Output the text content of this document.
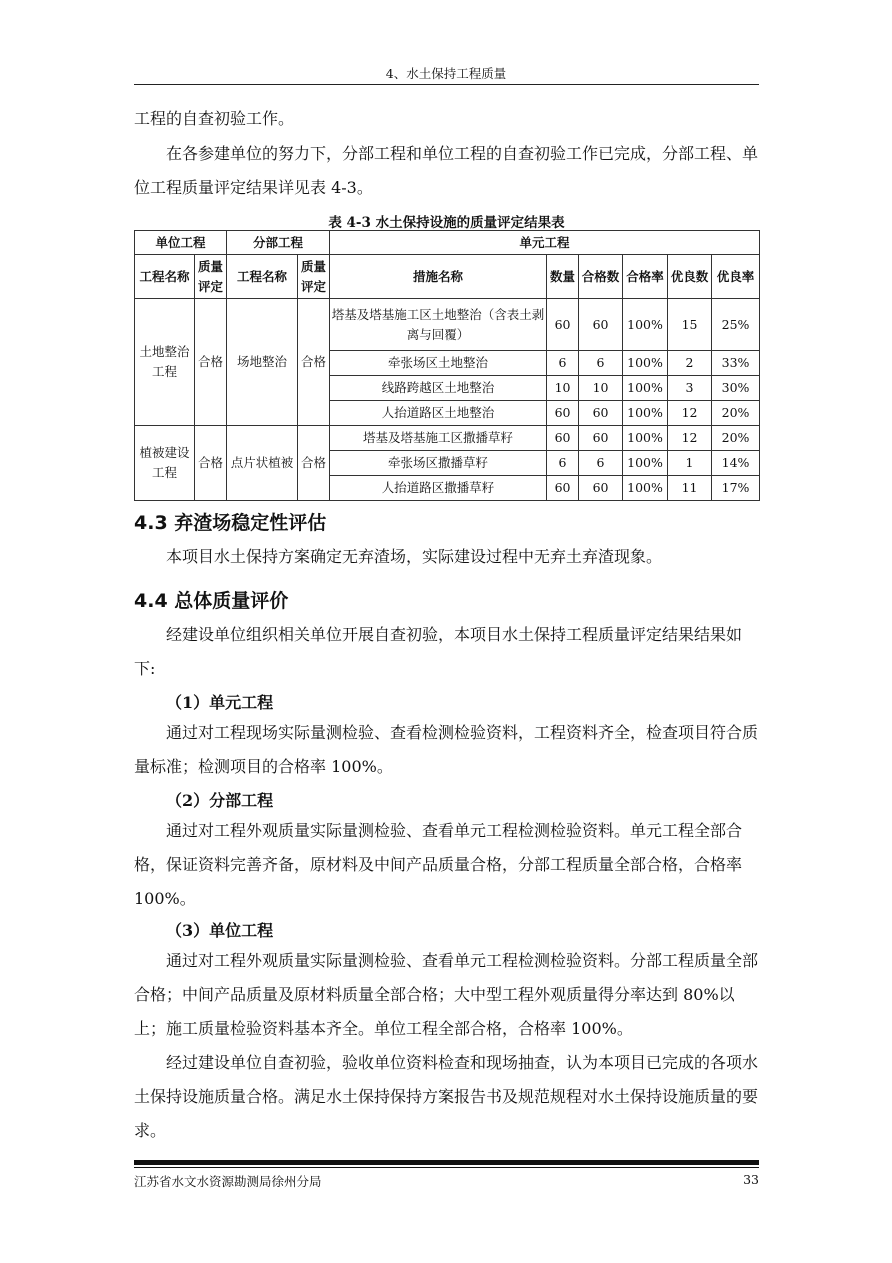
4、水土保持工程质量

工程的自查初验工作。

在各参建单位的努力下，分部工程和单位工程的自查初验工作已完成，分部工程、单位工程质量评定结果详见表 4-3。

表 4-3 水土保持设施的质量评定结果表
单位工程		分部工程		单元工程					
工程名称	质量评定	工程名称	质量评定	措施名称	数量	合格数	合格率	优良数	优良率
土地整治工程	合格	场地整治	合格	塔基及塔基施工区土地整治（含表土剥离与回覆）	60	60	100%	15	25%
				牵张场区土地整治	6	6	100%	2	33%
				线路跨越区土地整治	10	10	100%	3	30%
				人抬道路区土地整治	60	60	100%	12	20%
植被建设工程	合格	点片状植被	合格	塔基及塔基施工区撒播草籽	60	60	100%	12	20%
				牵张场区撒播草籽	6	6	100%	1	14%
				人抬道路区撒播草籽	60	60	100%	11	17%
4.3 弃渣场稳定性评估

本项目水土保持方案确定无弃渣场，实际建设过程中无弃土弃渣现象。

4.4 总体质量评价

经建设单位组织相关单位开展自查初验，本项目水土保持工程质量评定结果结果如下:

（1）单元工程

通过对工程现场实际量测检验、查看检测检验资料，工程资料齐全，检查项目符合质量标准；检测项目的合格率 100%。

（2）分部工程

通过对工程外观质量实际量测检验、查看单元工程检测检验资料。单元工程全部合格，保证资料完善齐备，原材料及中间产品质量合格，分部工程质量全部合格，合格率 100%。

（3）单位工程

通过对工程外观质量实际量测检验、查看单元工程检测检验资料。分部工程质量全部合格；中间产品质量及原材料质量全部合格；大中型工程外观质量得分率达到 80%以上；施工质量检验资料基本齐全。单位工程全部合格，合格率 100%。

经过建设单位自查初验，验收单位资料检查和现场抽查，认为本项目已完成的各项水土保持设施质量合格。满足水土保持保持方案报告书及规范规程对水土保持设施质量的要求。

江苏省水文水资源勘测局徐州分局	33
